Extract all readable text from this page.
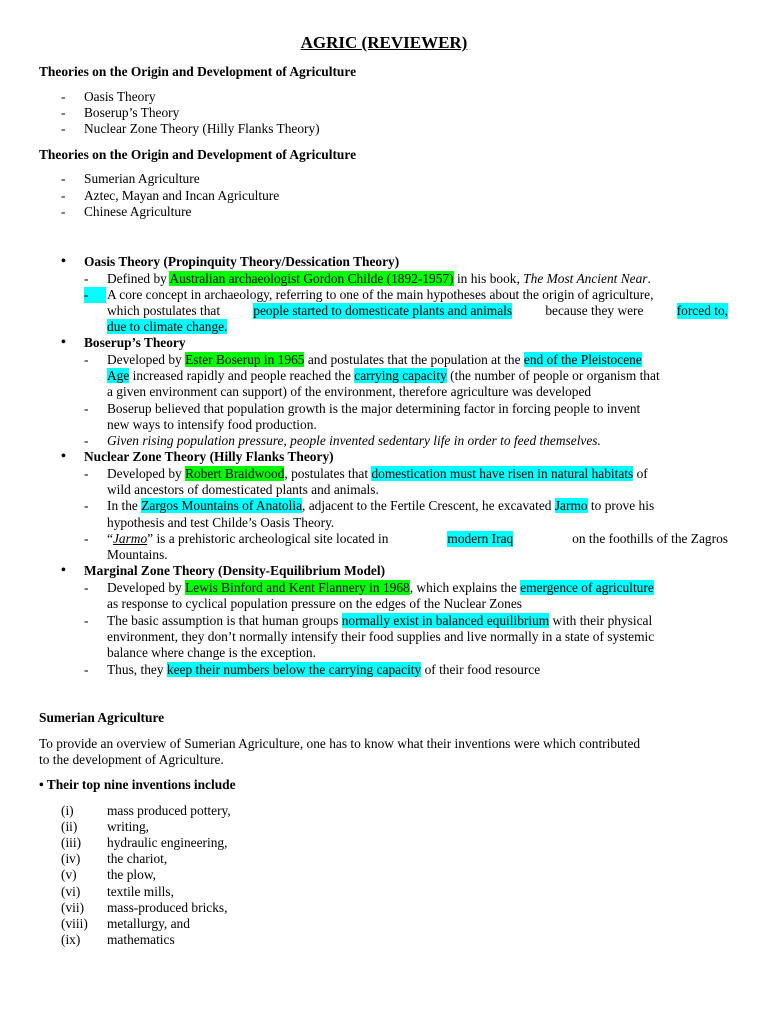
AGRIC (REVIEWER)
Theories on the Origin and Development of Agriculture
- Oasis Theory
- Boserup’s Theory
- Nuclear Zone Theory (Hilly Flanks Theory)
Theories on the Origin and Development of Agriculture
- Sumerian Agriculture
- Aztec, Mayan and Incan Agriculture
- Chinese Agriculture
• Oasis Theory (Propinquity Theory/Dessication Theory)
- Defined by Australian archaeologist Gordon Childe (1892-1957) in his book, The Most Ancient Near.
-	A core concept in archaeology, referring to one of the main hypotheses about the origin of agriculture,
which postulates that people started to domesticate plants and animals because they were forced to,
due to climate change.
• Boserup’s Theory
- Developed by Ester Boserup in 1965 and postulates that the population at the end of the Pleistocene
Age increased rapidly and people reached the carrying capacity (the number of people or organism that
a given environment can support) of the environment, therefore agriculture was developed
- Boserup believed that population growth is the major determining factor in forcing people to invent
new ways to intensify food production.
- Given rising population pressure, people invented sedentary life in order to feed themselves.
• Nuclear Zone Theory (Hilly Flanks Theory)
- Developed by Robert Braidwood, postulates that domestication must have risen in natural habitats of
wild ancestors of domesticated plants and animals.
- In the Zargos Mountains of Anatolia, adjacent to the Fertile Crescent, he excavated Jarmo to prove his
hypothesis and test Childe’s Oasis Theory.
- “Jarmo” is a prehistoric archeological site located in	modern Iraq	on the foothills of the Zagros
Mountains.
• Marginal Zone Theory (Density-Equilibrium Model)
- Developed by Lewis Binford and Kent Flannery in 1968, which explains the emergence of agriculture
as response to cyclical population pressure on the edges of the Nuclear Zones
- The basic assumption is that human groups normally exist in balanced equilibrium with their physical
environment, they don’t normally intensify their food supplies and live normally in a state of systemic
balance where change is the exception.
- Thus, they keep their numbers below the carrying capacity of their food resource
Sumerian Agriculture
To provide an overview of Sumerian Agriculture, one has to know what their inventions were which contributed
to the development of Agriculture.
• Their top nine inventions include
(i) mass produced pottery,
(ii) writing,
(iii) hydraulic engineering,
(iv) the chariot,
(v) the plow,
(vi) textile mills,
(vii) mass-produced bricks,
(viii) metallurgy, and
(ix) mathematics
